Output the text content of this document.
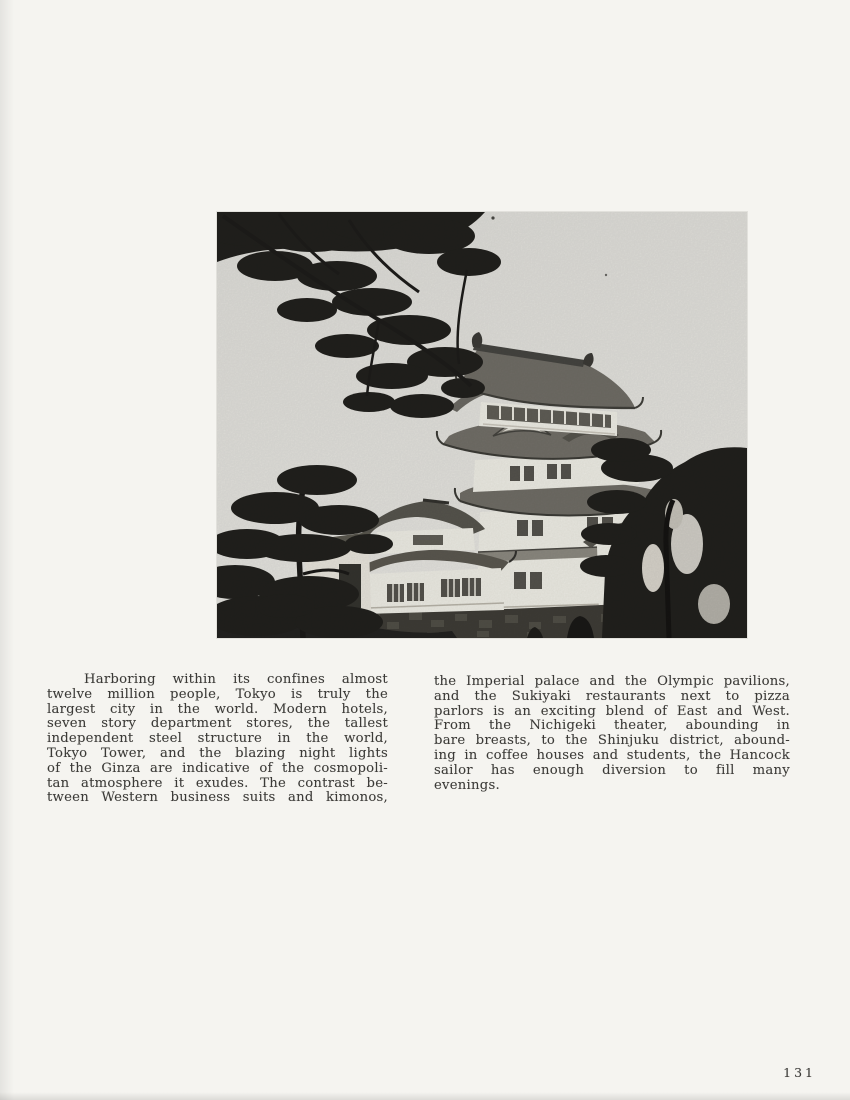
Harboring within its confines almost
twelve million people, Tokyo is truly the
largest city in the world. Modern hotels,
seven story department stores, the tallest
independent steel structure in the world,
Tokyo Tower, and the blazing night lights
of the Ginza are indicative of the cosmopoli-
tan atmosphere it exudes. The contrast be-
tween Western business suits and kimonos,
the Imperial palace and the Olympic pavilions,
and the Sukiyaki restaurants next to pizza
parlors is an exciting blend of East and West.
From the Nichigeki theater, abounding in
bare breasts, to the Shinjuku district, abound-
ing in coffee houses and students, the Hancock
sailor has enough diversion to fill many
evenings.
131
